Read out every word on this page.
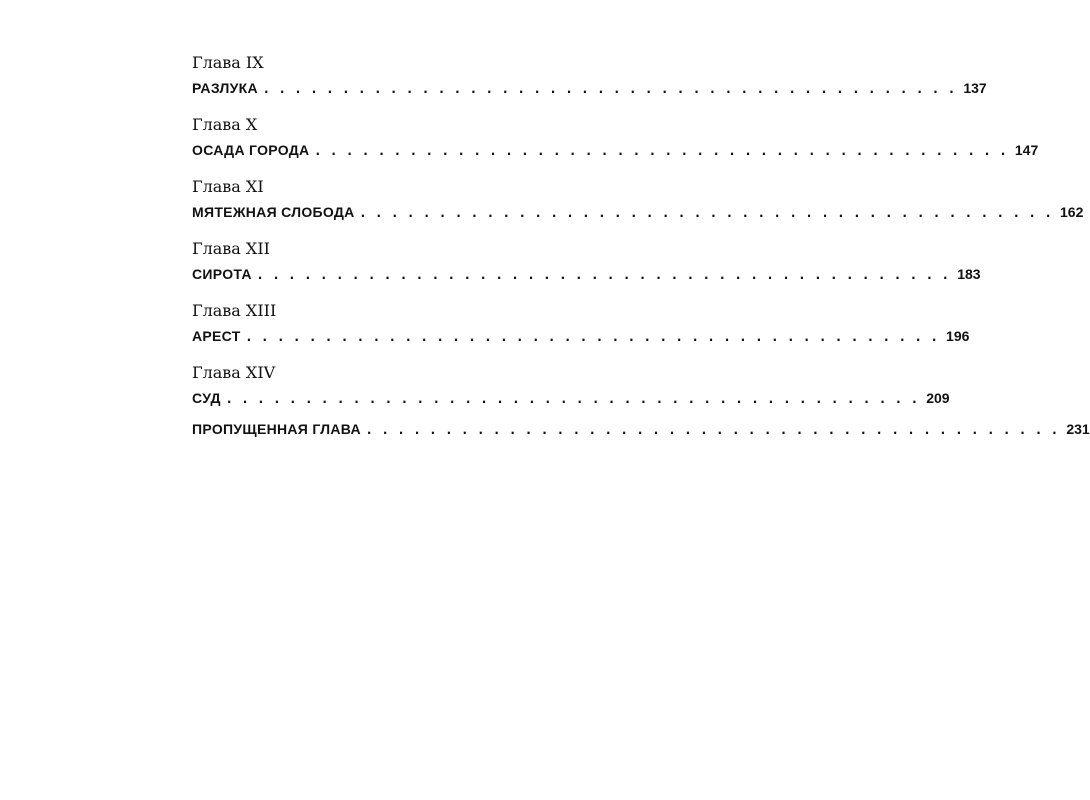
Глава IX
РАЗЛУКА . . . . . . . . . . . . . . . . . . . . . . . . . . . . . . . . . . . . . . . . . . . . 137
Глава X
ОСАДА ГОРОДА . . . . . . . . . . . . . . . . . . . . . . . . . . . . . . . . . . . . . . . . . . . . 147
Глава XI
МЯТЕЖНАЯ СЛОБОДА . . . . . . . . . . . . . . . . . . . . . . . . . . . . . . . . . . . . . . . . . . . . 162
Глава XII
СИРОТА . . . . . . . . . . . . . . . . . . . . . . . . . . . . . . . . . . . . . . . . . . . . 183
Глава XIII
АРЕСТ . . . . . . . . . . . . . . . . . . . . . . . . . . . . . . . . . . . . . . . . . . . . 196
Глава XIV
СУД . . . . . . . . . . . . . . . . . . . . . . . . . . . . . . . . . . . . . . . . . . . . 209
ПРОПУЩЕННАЯ ГЛАВА . . . . . . . . . . . . . . . . . . . . . . . . . . . . . . . . . . . . . . . . . . . . 231
